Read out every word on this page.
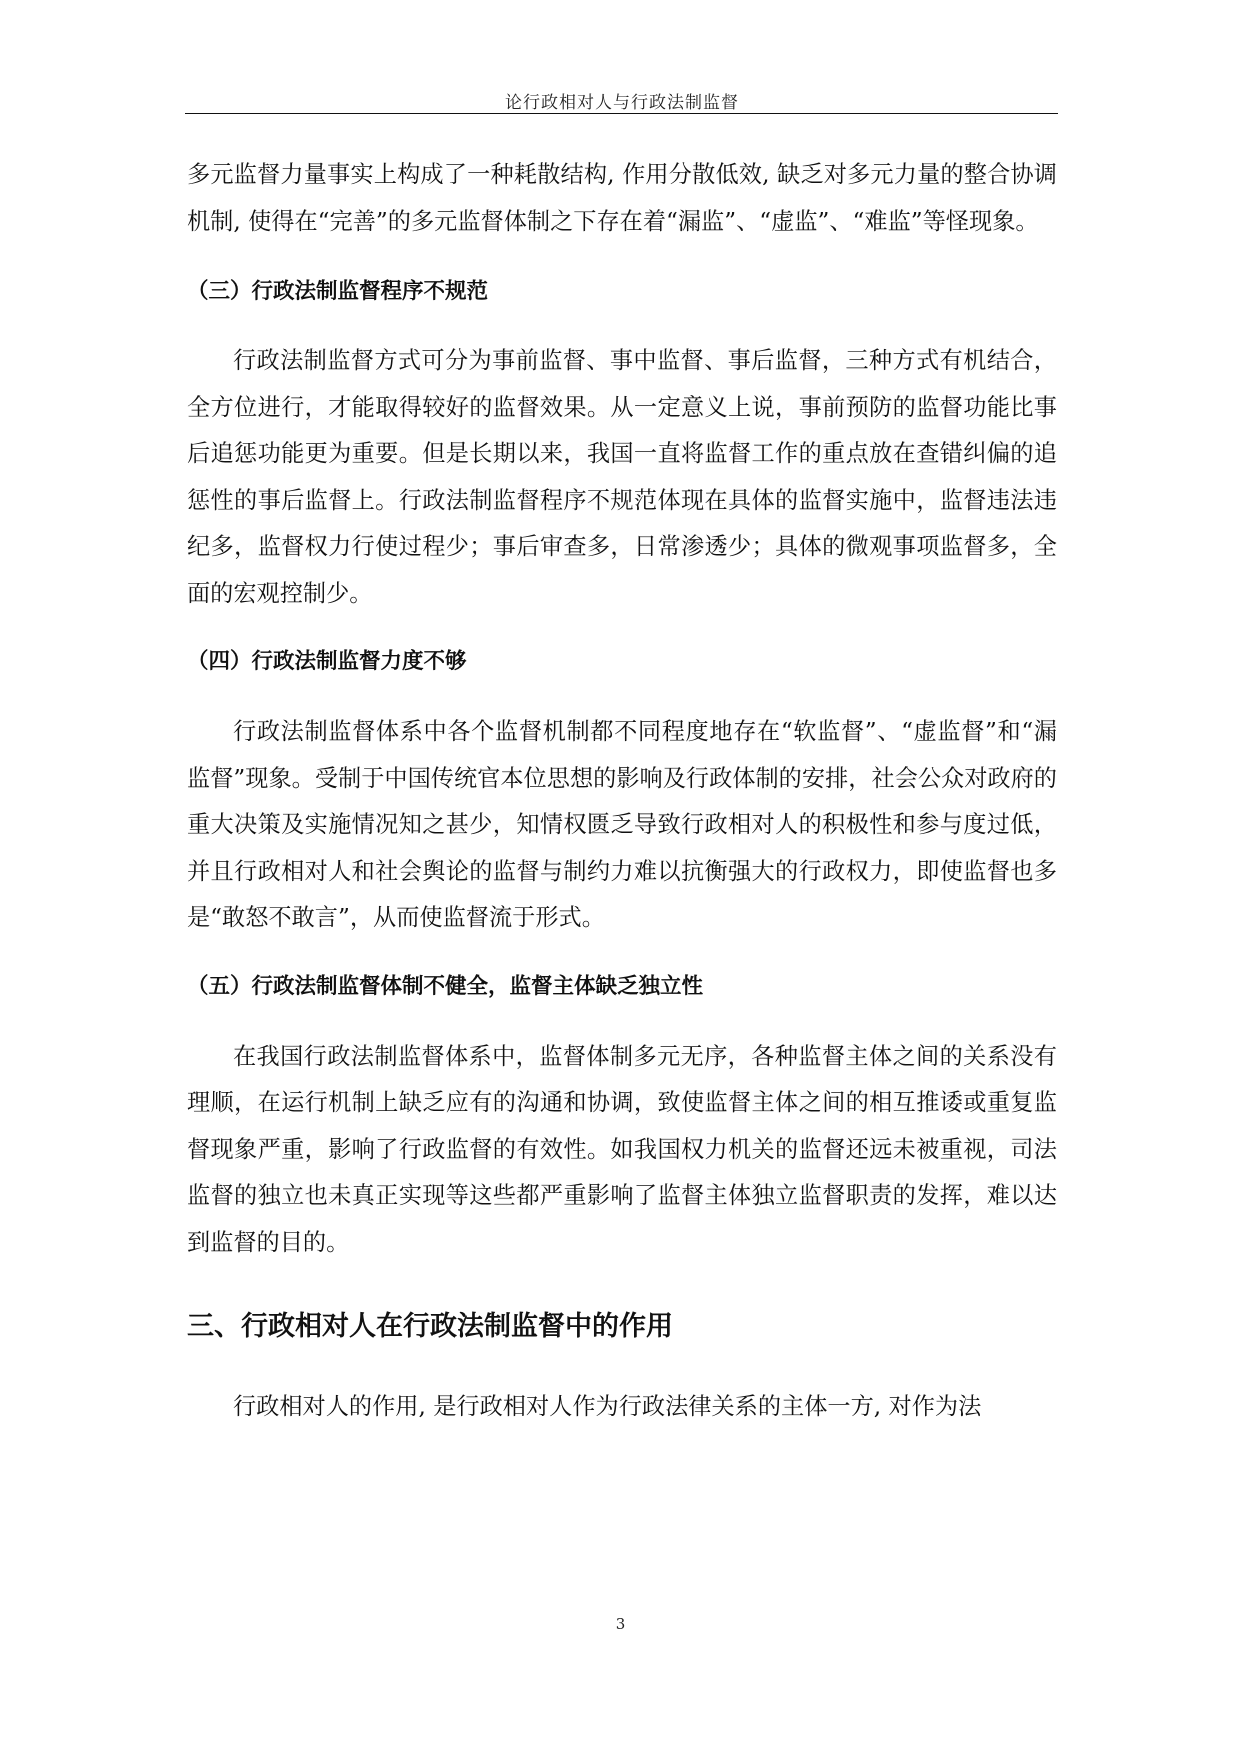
论行政相对人与行政法制监督

多元监督力量事实上构成了一种耗散结构, 作用分散低效, 缺乏对多元力量的整合协调机制, 使得在“完善”的多元监督体制之下存在着“漏监”、“虚监”、“难监”等怪现象。

（三）行政法制监督程序不规范

行政法制监督方式可分为事前监督、事中监督、事后监督，三种方式有机结合，全方位进行，才能取得较好的监督效果。从一定意义上说，事前预防的监督功能比事后追惩功能更为重要。但是长期以来，我国一直将监督工作的重点放在查错纠偏的追惩性的事后监督上。行政法制监督程序不规范体现在具体的监督实施中，监督违法违纪多，监督权力行使过程少；事后审查多，日常渗透少；具体的微观事项监督多，全面的宏观控制少。

（四）行政法制监督力度不够

行政法制监督体系中各个监督机制都不同程度地存在“软监督”、“虚监督”和“漏监督”现象。受制于中国传统官本位思想的影响及行政体制的安排，社会公众对政府的重大决策及实施情况知之甚少，知情权匮乏导致行政相对人的积极性和参与度过低，并且行政相对人和社会舆论的监督与制约力难以抗衡强大的行政权力，即使监督也多是“敢怒不敢言”，从而使监督流于形式。

（五）行政法制监督体制不健全，监督主体缺乏独立性

在我国行政法制监督体系中，监督体制多元无序，各种监督主体之间的关系没有理顺，在运行机制上缺乏应有的沟通和协调，致使监督主体之间的相互推诿或重复监督现象严重，影响了行政监督的有效性。如我国权力机关的监督还远未被重视，司法监督的独立也未真正实现等这些都严重影响了监督主体独立监督职责的发挥，难以达到监督的目的。

三、行政相对人在行政法制监督中的作用

行政相对人的作用, 是行政相对人作为行政法律关系的主体一方, 对作为法

3
